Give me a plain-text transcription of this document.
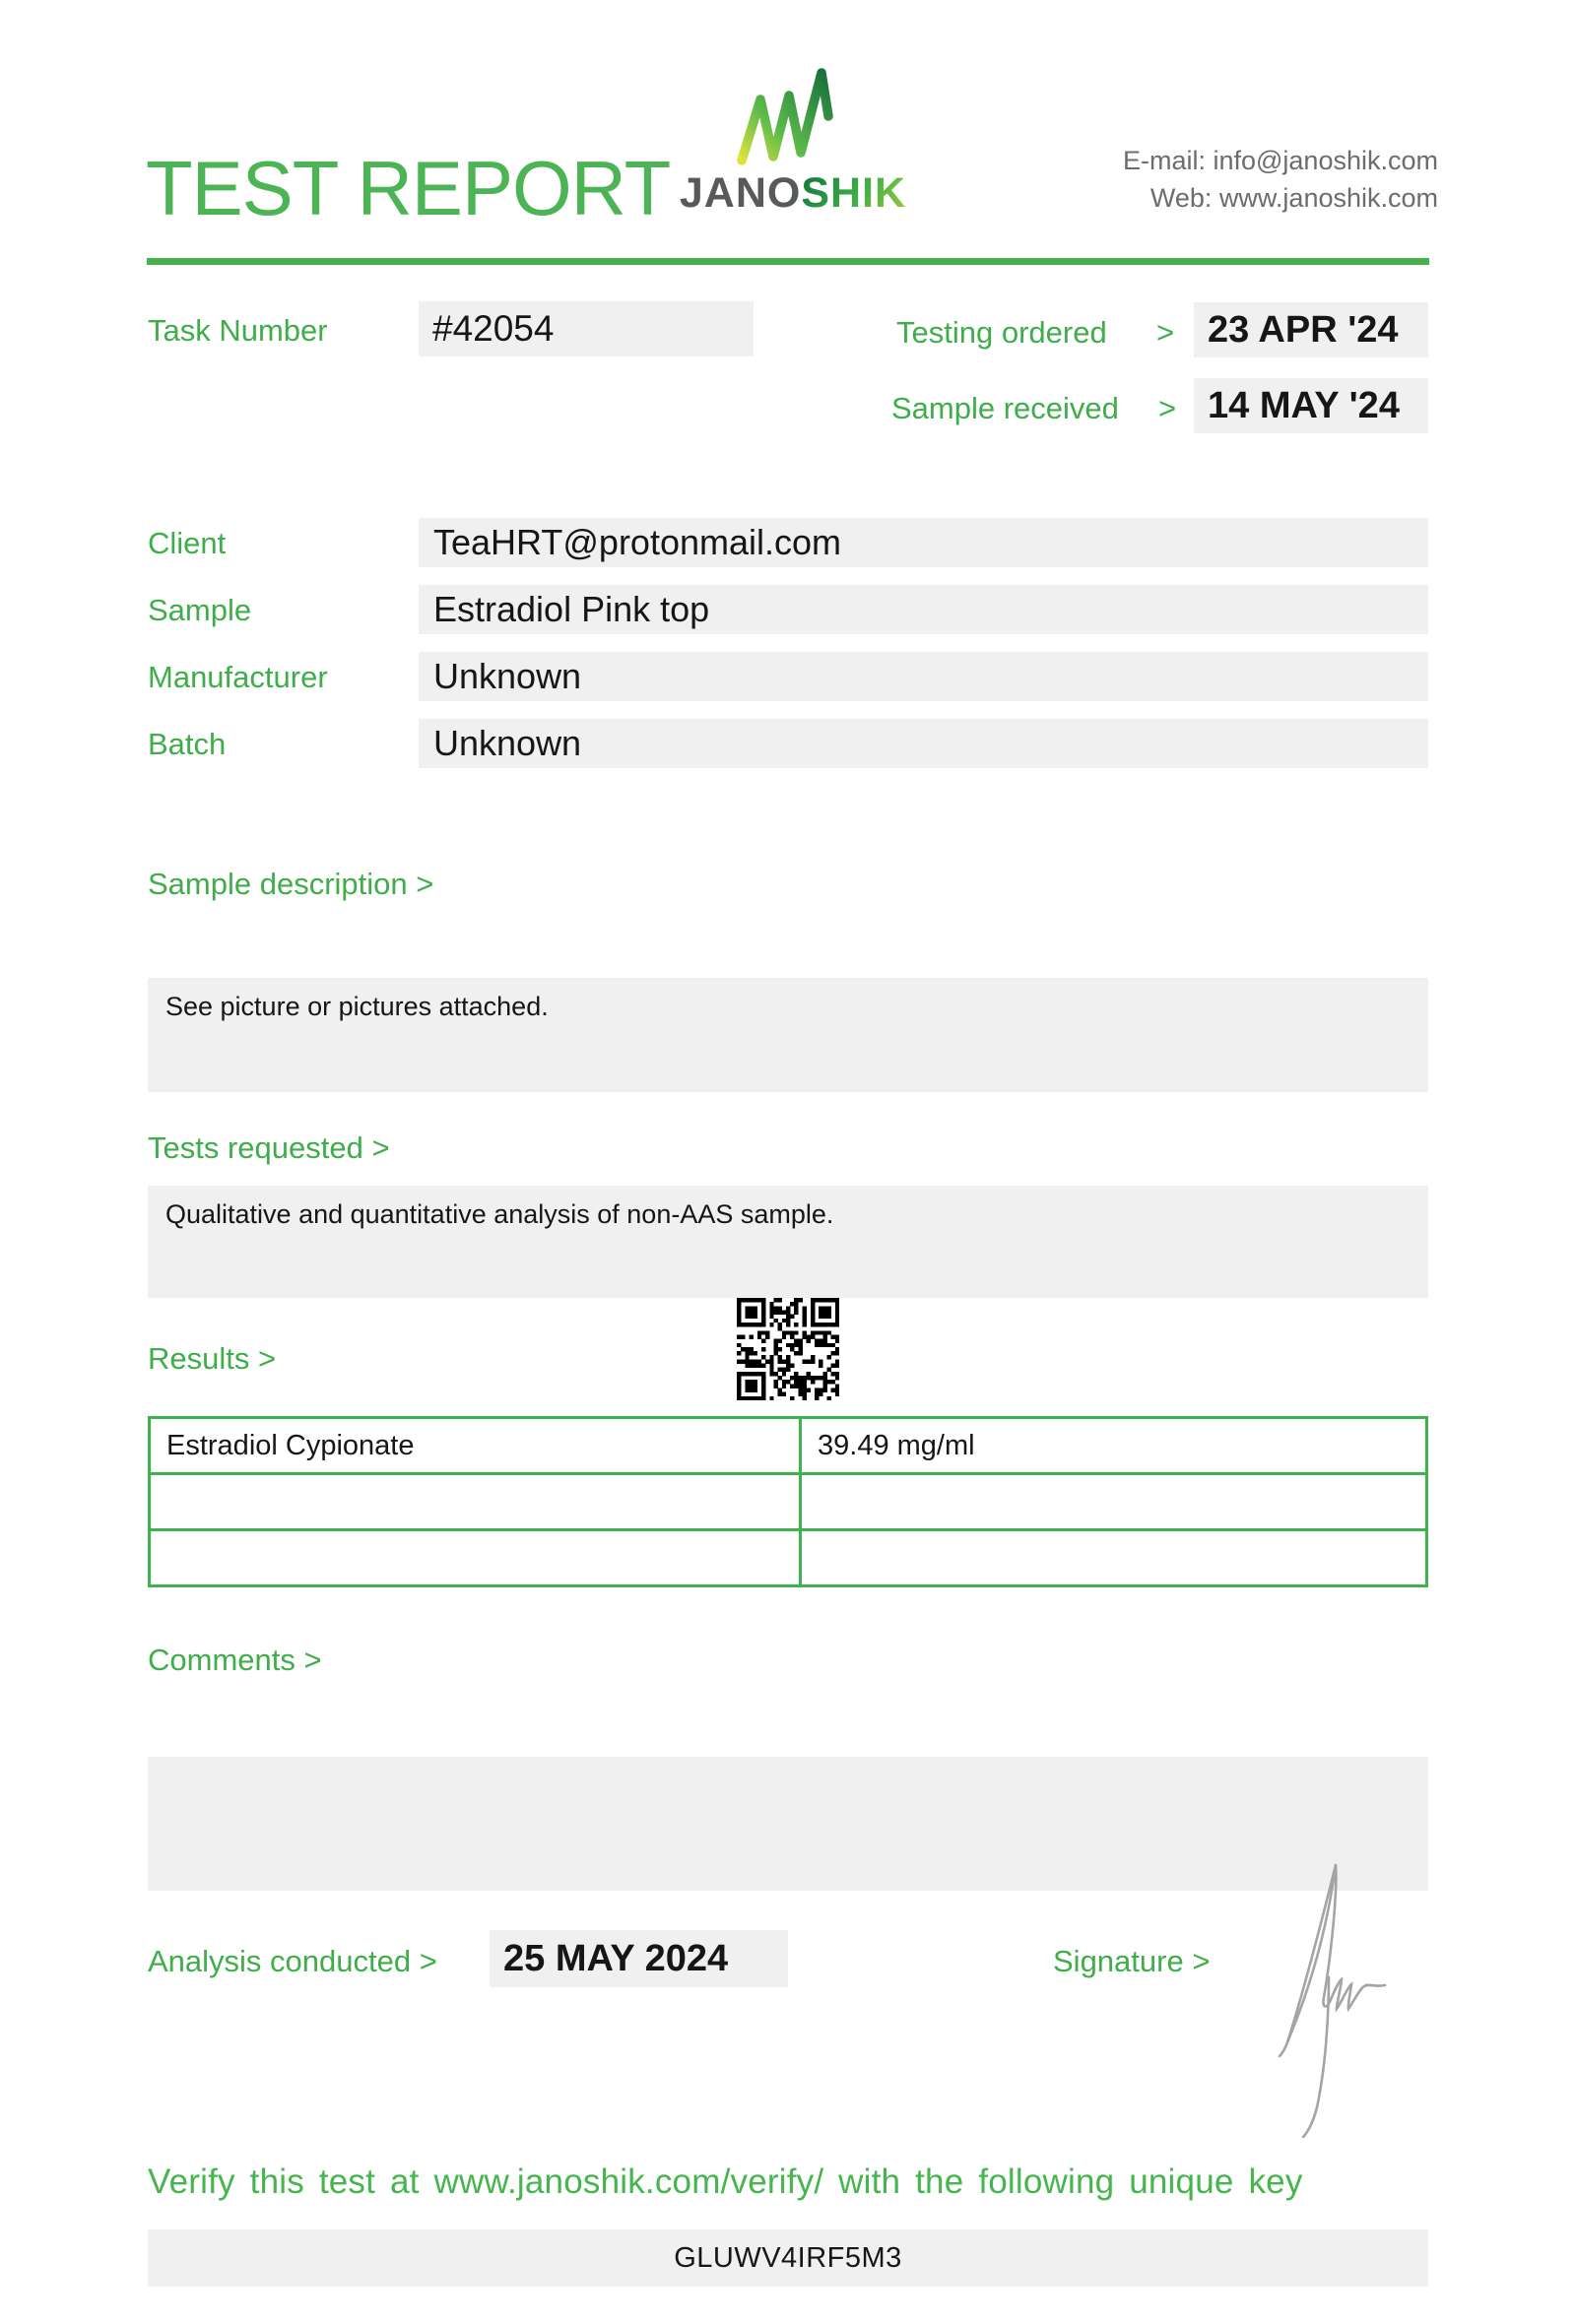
TEST REPORT JANOSHIK
E-mail: info@janoshik.com
Web: www.janoshik.com
Task Number	#42054	Testing ordered > 23 APR '24
Sample received > 14 MAY '24
Client	TeaHRT@protonmail.com
Sample	Estradiol Pink top
Manufacturer	Unknown
Batch	Unknown
Sample description >
See picture or pictures attached.
Tests requested >
Qualitative and quantitative analysis of non-AAS sample.
Results >
Estradiol Cypionate	39.49 mg/ml
Comments >
Analysis conducted >	25 MAY 2024	Signature >
Verify this test at www.janoshik.com/verify/ with the following unique key
GLUWV4IRF5M3
